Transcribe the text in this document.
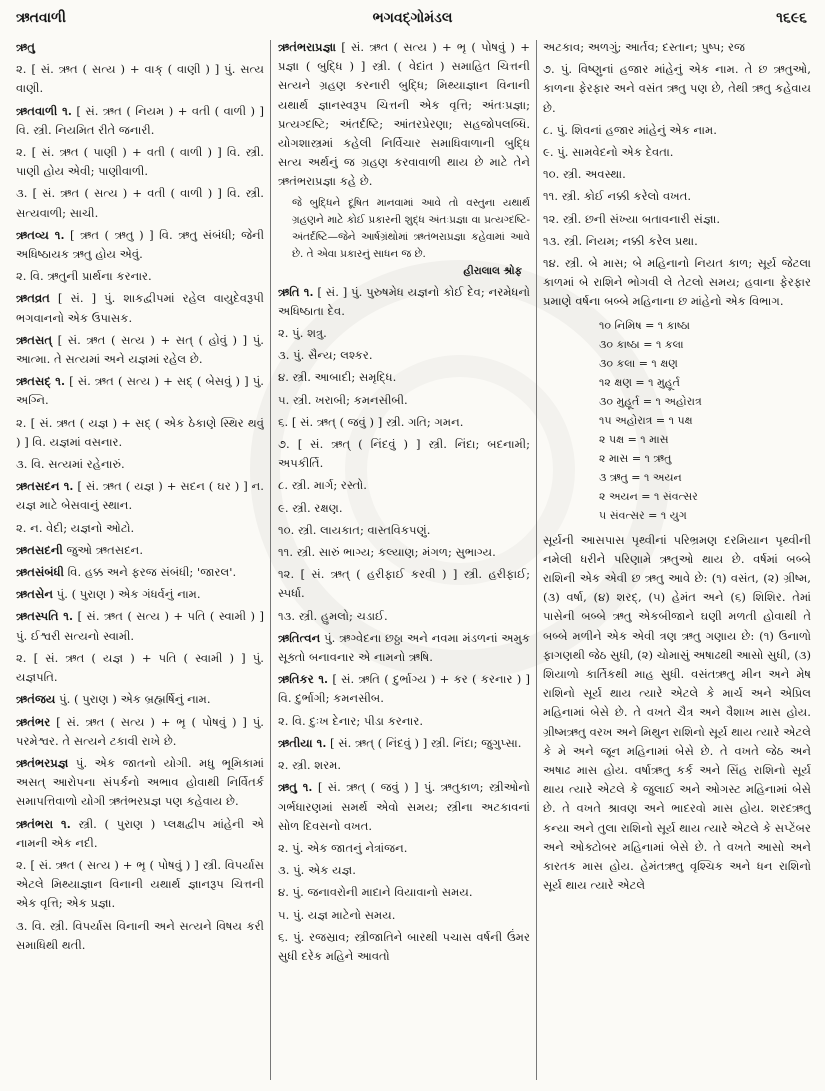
ભગવદ્ગોમંડલ
ઋતવાળી	૧૬૯૬

ઋતુ

૨. [ સં. ઋત ( સત્ય ) + વાક્ ( વાણી ) ] પું. સત્ય વાણી.

ઋતવાળી ૧. [ સં. ઋત ( નિયમ ) + વતી ( વાળી ) ] વિ. સ્ત્રી. નિયમિત રીતે જનારી.

૨. [ સં. ઋત ( પાણી ) + વતી ( વાળી ) ] વિ. સ્ત્રી. પાણી હોય એવી; પાણીવાળી.

૩. [ સં. ઋત ( સત્ય ) + વતી ( વાળી ) ] વિ. સ્ત્રી. સત્યવાળી; સાચી.

ઋતવ્ય ૧. [ ઋત ( ઋતુ ) ] વિ. ઋતુ સંબંધી; જેની અધિષ્ઠાયક ઋતુ હોય એવું.

૨. વિ. ઋતુની પ્રાર્થના કરનાર.

ઋતવ્રત [ સં. ] પું. શાકદ્વીપમાં રહેલ વાયુદેવરૂપી ભગવાનનો એક ઉપાસક.

ઋતસત્ [ સં. ઋત ( સત્ય ) + સત્ ( હોવું ) ] પું. આત્મા. તે સત્યમાં અને યજ્ઞમાં રહેલ છે.

ઋતસદ્ ૧. [ સં. ઋત ( સત્ય ) + સદ્ ( બેસવું ) ] પું. અગ્નિ.

૨. [ સં. ઋત ( યજ્ઞ ) + સદ્ ( એક ઠેકાણે સ્થિર થવું ) ] વિ. યજ્ઞમાં વસનાર.

૩. વિ. સત્યમાં રહેનારું.

ઋતસદન ૧. [ સં. ઋત ( યજ્ઞ ) + સદન ( ઘર ) ] ન. યજ્ઞ માટે બેસવાનું સ્થાન.

૨. ન. વેદી; યજ્ઞનો ઓટો.

ઋતસદની જુઓ ઋતસદન.

ઋતસંબંધી વિ. હક્ક અને ફરજ સંબંધી; 'જારલ'.

ઋતસેન પું. ( પુરાણ ) એક ગંધર્વનું નામ.

ઋતસ્પતિ ૧. [ સં. ઋત ( સત્ય ) + પતિ ( સ્વામી ) ] પું. ઈશ્વરી સત્યનો સ્વામી.

૨. [ સં. ઋત ( યજ્ઞ ) + પતિ ( સ્વામી ) ] પું. યજ્ઞપતિ.

ઋતંજય પું. ( પુરાણ ) એક બ્રહ્મર્ષિનું નામ.

ઋતંભર [ સં. ઋત ( સત્ય ) + ભૃ ( પોષવું ) ] પું. પરમેશ્વર. તે સત્યને ટકાવી રાખે છે.

ઋતંભરપ્રજ્ઞ પું. એક જાતનો યોગી. મધુ ભૂમિકામાં અસત્ આરોપના સંપર્કનો અભાવ હોવાથી નિર્વિતર્ક સમાપત્તિવાળો યોગી ઋતંભરપ્રજ્ઞ પણ કહેવાય છે.

ઋતંભરા ૧. સ્ત્રી. ( પુરાણ ) પ્લક્ષદ્વીપ માંહેની એ નામની એક નદી.

૨. [ સં. ઋત ( સત્ય ) + ભૃ ( પોષવું ) ] સ્ત્રી. વિપર્યાસ એટલે મિથ્યાજ્ઞાન વિનાની યથાર્થ જ્ઞાનરૂપ ચિત્તની એક વૃત્તિ; એક પ્રજ્ઞા.

૩. વિ. સ્ત્રી. વિપર્યાસ વિનાની અને સત્યને વિષય કરી સમાધિથી થતી.

ઋતંભરાપ્રજ્ઞા [ સં. ઋત ( સત્ય ) + ભૃ ( પોષવું ) + પ્રજ્ઞા ( બુદ્ધિ ) ] સ્ત્રી. ( વેદાંત ) સમાહિત ચિત્તની સત્યને ગ્રહણ કરનારી બુદ્ધિ; મિથ્યાજ્ઞાન વિનાની યથાર્થ જ્ઞાનસ્વરૂપ ચિત્તની એક વૃત્તિ; અંતઃપ્રજ્ઞા; પ્રત્યગ્દષ્ટિ; અંતર્દષ્ટિ; આંતરપ્રેરણા; સહજોપલબ્ધિ. યોગશાસ્ત્રમાં કહેલી નિર્વિચાર સમાધિવાળાની બુદ્ધિ સત્ય અર્થનું જ ગ્રહણ કરવાવાળી થાય છે માટે તેને ઋતંભરાપ્રજ્ઞા કહે છે.

જે બુદ્ધિને દૂષિત માનવામાં આવે તો વસ્તુના યથાર્થ ગ્રહણને માટે કોઈ પ્રકારની શુદ્ધ અંતઃપ્રજ્ઞા વા પ્રત્યગ્દષ્ટિ-અંતર્દષ્ટિ—જેને આર્ષગ્રંથોમાં ઋતંભરાપ્રજ્ઞા કહેવામાં આવે છે. તે એવા પ્રકારનું સાધન જ છે.
હીરાલાલ શ્રોફ

ઋતિ ૧. [ સં. ] પું. પુરુષમેધ યજ્ઞનો કોઈ દેવ; નરમેધનો અધિષ્ઠાતા દેવ.

૨. પું. શત્રુ.

૩. પું. સૈન્ય; લશ્કર.

૪. સ્ત્રી. આબાદી; સમૃદ્ધિ.

૫. સ્ત્રી. ખરાબી; કમનસીબી.

૬. [ સં. ઋત્ ( જવું ) ] સ્ત્રી. ગતિ; ગમન.

૭. [ સં. ઋત્ ( નિંદવું ) ] સ્ત્રી. નિંદા; બદનામી; અપકીર્તિ.

૮. સ્ત્રી. માર્ગ; રસ્તો.

૯. સ્ત્રી. રક્ષણ.

૧૦. સ્ત્રી. લાયકાત; વાસ્તવિકપણું.

૧૧. સ્ત્રી. સારું ભાગ્ય; કલ્યાણ; મંગળ; સુભાગ્ય.

૧૨. [ સં. ઋત્ ( હરીફાઈ કરવી ) ] સ્ત્રી. હરીફાઈ; સ્પર્ધા.

૧૩. સ્ત્રી. હુમલો; ચડાઈ.

ઋતિત્વન પું. ઋગ્વેદના છઠ્ઠા અને નવમા મંડળનાં અમુક સૂક્તો બનાવનાર એ નામનો ઋષિ.

ઋતિકર ૧. [ સં. ઋતિ ( દુર્ભાગ્ય ) + કર ( કરનાર ) ] વિ. દુર્ભાગી; કમનસીબ.

૨. વિ. દુઃખ દેનાર; પીડા કરનાર.

ઋતીયા ૧. [ સં. ઋત્ ( નિંદવું ) ] સ્ત્રી. નિંદા; જુગુપ્સા.

૨. સ્ત્રી. શરમ.

ઋતુ ૧. [ સં. ઋત્ ( જવું ) ] પું. ઋતુકાળ; સ્ત્રીઓનો ગર્ભધારણમાં સમર્થ એવો સમય; સ્ત્રીના અટકાવનાં સોળ દિવસનો વખત.

૨. પું. એક જાતનું નેત્રાંજન.

૩. પું. એક યજ્ઞ.

૪. પું. જનાવરોની માદાને વિયાવાનો સમય.

૫. પું. યજ્ઞ માટેનો સમય.

૬. પું. રજસ્રાવ; સ્ત્રીજાતિને બારથી પચાસ વર્ષની ઉંમર સુધી દરેક મહિને આવતો

અટકાવ; અળગું; આર્તવ; દસ્તાન; પુષ્પ; રજ

૭. પું. વિષ્ણુનાં હજાર માંહેનું એક નામ. તે છ ઋતુઓ, કાળના ફેરફાર અને વસંત ઋતુ પણ છે, તેથી ઋતુ કહેવાય છે.

૮. પું. શિવનાં હજાર માંહેનું એક નામ.

૯. પું. સામવેદનો એક દેવતા.

૧૦. સ્ત્રી. અવસ્થા.

૧૧. સ્ત્રી. કોઈ નક્કી કરેલો વખત.

૧૨. સ્ત્રી. છની સંખ્યા બતાવનારી સંજ્ઞા.

૧૩. સ્ત્રી. નિયમ; નક્કી કરેલ પ્રથા.

૧૪. સ્ત્રી. બે માસ; બે મહિનાનો નિયત કાળ; સૂર્ય જેટલા કાળમાં બે રાશિને ભોગવી લે તેટલો સમય; હવાના ફેરફાર પ્રમાણે વર્ષના બબ્બે મહિનાના છ માંહેનો એક વિભાગ.

૧૦ નિમિષ = ૧ કાષ્ઠા
૩૦ કાષ્ઠા = ૧ કલા
૩૦ કલા = ૧ ક્ષણ
૧૨ ક્ષણ = ૧ મુહૂર્ત
૩૦ મુહૂર્ત = ૧ અહોરાત્ર
૧૫ અહોરાત્ર = ૧ પક્ષ
૨ પક્ષ = ૧ માસ
૨ માસ = ૧ ઋતુ
૩ ઋતુ = ૧ અયન
૨ અયન = ૧ સંવત્સર
૫ સંવત્સર = ૧ યુગ

સૂર્યની આસપાસ પૃથ્વીનાં પરિભ્રમણ દરમિયાન પૃથ્વીની નમેલી ધરીને પરિણામે ઋતુઓ થાય છે. વર્ષમાં બબ્બે રાશિની એક એવી છ ઋતુ આવે છે: (૧) વસંત, (૨) ગ્રીષ્મ, (૩) વર્ષા, (૪) શરદ્, (૫) હેમંત અને (૬) શિશિર. તેમાં પાસેની બબ્બે ઋતુ એકબીજાને ઘણી મળતી હોવાથી તે બબ્બે મળીને એક એવી ત્રણ ઋતુ ગણાય છે: (૧) ઉનાળો ફાગણથી જેઠ સુધી, (૨) ચોમાસું અષાઢથી આસો સુધી, (૩) શિયાળો કાર્તિકથી માહ સુધી. વસંતઋતુ મીન અને મેષ રાશિનો સૂર્ય થાય ત્યારે એટલે કે માર્ચ અને એપ્રિલ મહિનામાં બેસે છે. તે વખતે ચૈત્ર અને વૈશાખ માસ હોય. ગ્રીષ્મઋતુ વરખ અને મિથુન રાશિનો સૂર્ય થાય ત્યારે એટલે કે મે અને જૂન મહિનામાં બેસે છે. તે વખતે જેઠ અને અષાઢ માસ હોય. વર્ષાઋતુ કર્ક અને સિંહ રાશિનો સૂર્ય થાય ત્યારે એટલે કે જુલાઈ અને ઓગસ્ટ મહિનામાં બેસે છે. તે વખતે શ્રાવણ અને ભાદરવો માસ હોય. શરદઋતુ કન્યા અને તુલા રાશિનો સૂર્ય થાય ત્યારે એટલે કે સપ્ટેંબર અને ઓક્ટોબર મહિનામાં બેસે છે. તે વખતે આસો અને કારતક માસ હોય. હેમંતઋતુ વૃશ્ચિક અને ધન રાશિનો સૂર્ય થાય ત્યારે એટલે
